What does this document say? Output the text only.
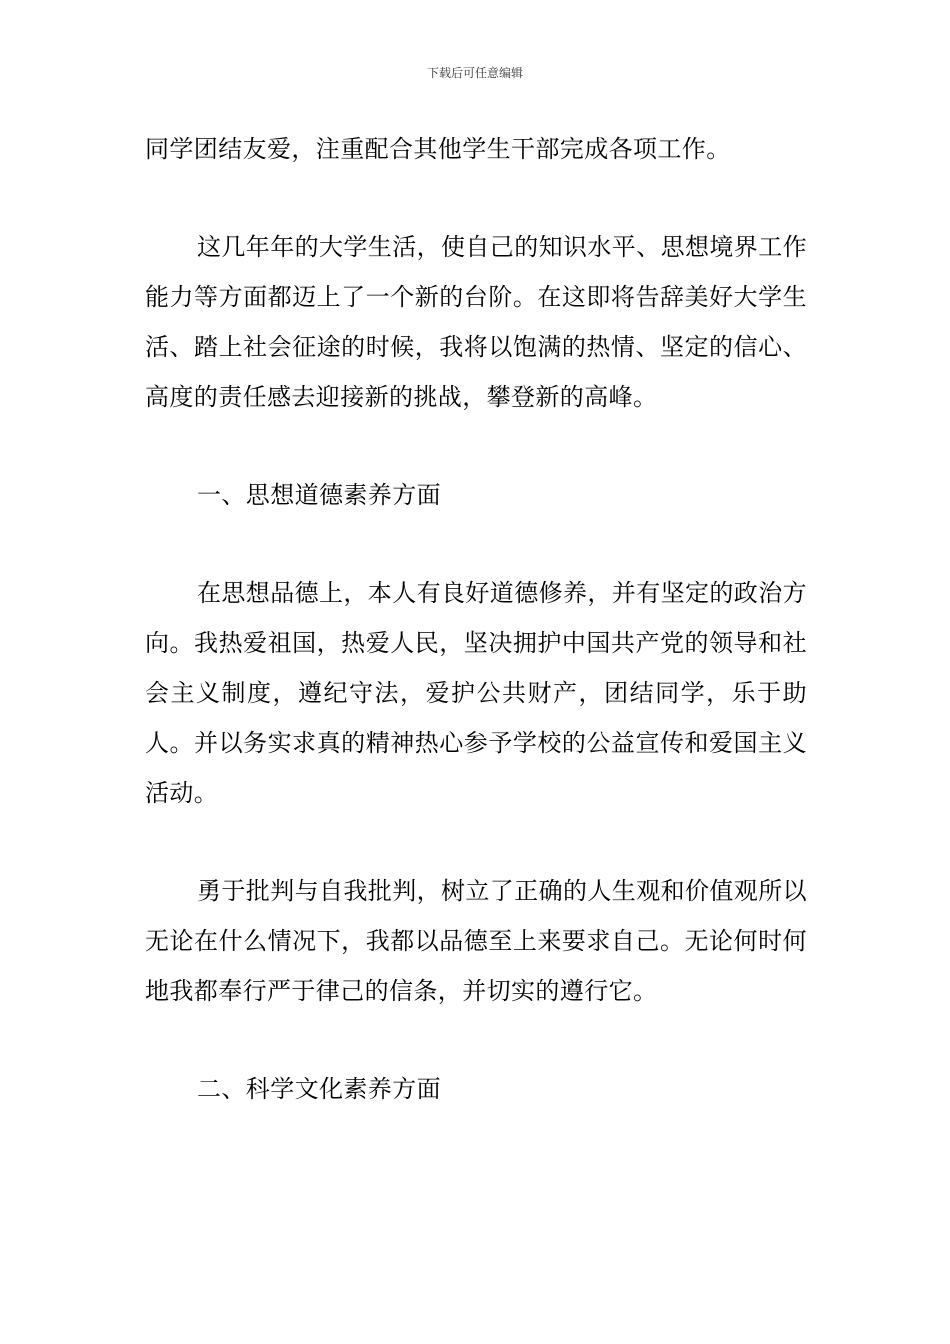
下载后可任意编辑

同学团结友爱，注重配合其他学生干部完成各项工作。

这几年年的大学生活，使自己的知识水平、思想境界工作能力等方面都迈上了一个新的台阶。在这即将告辞美好大学生活、踏上社会征途的时候，我将以饱满的热情、坚定的信心、高度的责任感去迎接新的挑战，攀登新的高峰。

一、思想道德素养方面

在思想品德上，本人有良好道德修养，并有坚定的政治方向。我热爱祖国，热爱人民，坚决拥护中国共产党的领导和社会主义制度，遵纪守法，爱护公共财产，团结同学，乐于助人。并以务实求真的精神热心参予学校的公益宣传和爱国主义活动。

勇于批判与自我批判，树立了正确的人生观和价值观所以无论在什么情况下，我都以品德至上来要求自己。无论何时何地我都奉行严于律己的信条，并切实的遵行它。

二、科学文化素养方面
